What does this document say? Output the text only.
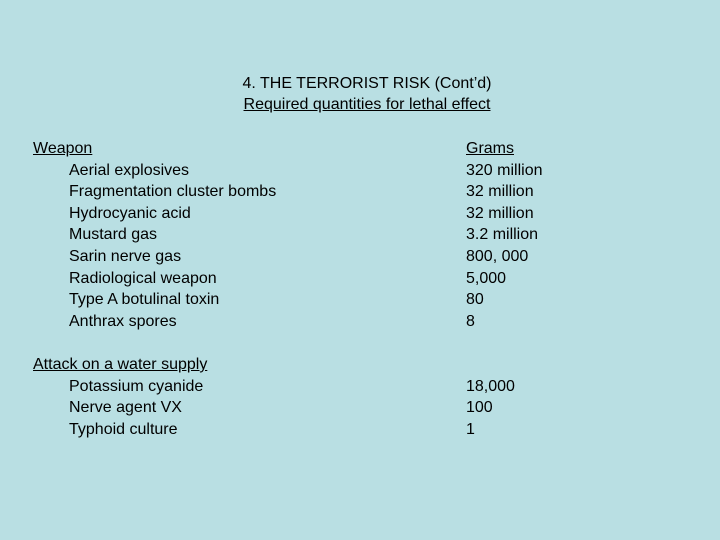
4. THE TERRORIST RISK (Cont’d)
Required quantities for lethal effect
Weapon	Grams
Aerial explosives	320 million
Fragmentation cluster bombs	32 million
Hydrocyanic acid	32 million
Mustard gas	3.2 million
Sarin nerve gas	800, 000
Radiological weapon	5,000
Type A botulinal toxin	80
Anthrax spores	8
Attack on a water supply
Potassium cyanide	18,000
Nerve agent VX	100
Typhoid culture	1
